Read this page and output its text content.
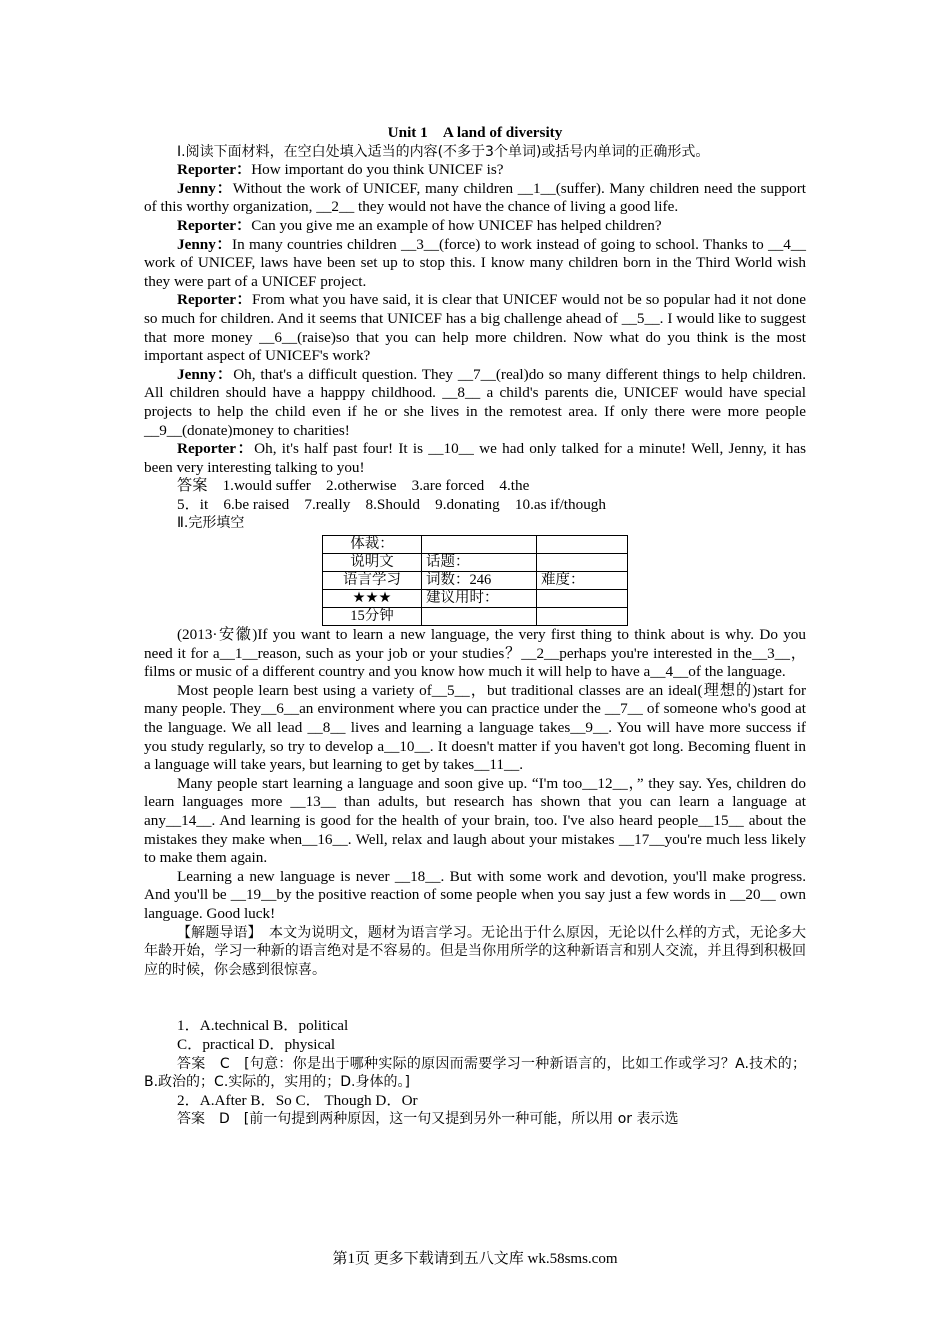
Unit 1　A land of diversity

Ⅰ.阅读下面材料，在空白处填入适当的内容(不多于3个单词)或括号内单词的正确形式。

Reporter：How important do you think UNICEF is?

Jenny：Without the work of UNICEF, many children __1__(suffer). Many children need the support of this worthy organization, __2__ they would not have the chance of living a good life.

Reporter：Can you give me an example of how UNICEF has helped children?

Jenny：In many countries children __3__(force) to work instead of going to school. Thanks to __4__ work of UNICEF, laws have been set up to stop this. I know many children born in the Third World wish they were part of a UNICEF project.

Reporter：From what you have said, it is clear that UNICEF would not be so popular had it not done so much for children. And it seems that UNICEF has a big challenge ahead of __5__. I would like to suggest that more money __6__(raise)so that you can help more children. Now what do you think is the most important aspect of UNICEF's work?

Jenny：Oh, that's a difficult question. They __7__(real)do so many different things to help children. All children should have a happpy childhood. __8__ a child's parents die, UNICEF would have special projects to help the child even if he or she lives in the remotest area. If only there were more people __9__(donate)money to charities!

Reporter：Oh, it's half past four! It is __10__ we had only talked for a minute! Well, Jenny, it has been very interesting talking to you!

答案　1.would suffer　2.otherwise　3.are forced　4.the

5．it　6.be raised　7.really　8.Should　9.donating　10.as if/though

Ⅱ.完形填空

体裁：		
说明文	话题：	
语言学习	词数：246	难度：
★★★	建议用时：	
15分钟		

(2013·安徽)If you want to learn a new language, the very first thing to think about is why. Do you need it for a__1__reason, such as your job or your studies？__2__perhaps you're interested in the__3__，films or music of a different country and you know how much it will help to have a__4__of the language.

Most people learn best using a variety of__5__，but traditional classes are an ideal(理想的)start for many people. They__6__an environment where you can practice under the __7__ of someone who's good at the language. We all lead __8__ lives and learning a language takes__9__. You will have more success if you study regularly, so try to develop a__10__. It doesn't matter if you haven't got long. Becoming fluent in a language will take years, but learning to get by takes__11__.

Many people start learning a language and soon give up. “I'm too__12__，” they say. Yes, children do learn languages more __13__ than adults, but research has shown that you can learn a language at any__14__. And learning is good for the health of your brain, too. I've also heard people__15__ about the mistakes they make when__16__. Well, relax and laugh about your mistakes __17__you're much less likely to make them again.

Learning a new language is never __18__. But with some work and devotion, you'll make progress. And you'll be __19__by the positive reaction of some people when you say just a few words in __20__ own language. Good luck!

【解题导语】　本文为说明文，题材为语言学习。无论出于什么原因，无论以什么样的方式，无论多大年龄开始，学习一种新的语言绝对是不容易的。但是当你用所学的这种新语言和别人交流，并且得到积极回应的时候，你会感到很惊喜。

1．A.technical B．political

C．practical D．physical

答案　C　[句意：你是出于哪种实际的原因而需要学习一种新语言的，比如工作或学习？A.技术的；B.政治的；C.实际的，实用的；D.身体的。]

2．A.After B．So C． Though D．Or

答案　D　[前一句提到两种原因，这一句又提到另外一种可能，所以用 or 表示选

第1页 更多下载请到五八文库 wk.58sms.com
